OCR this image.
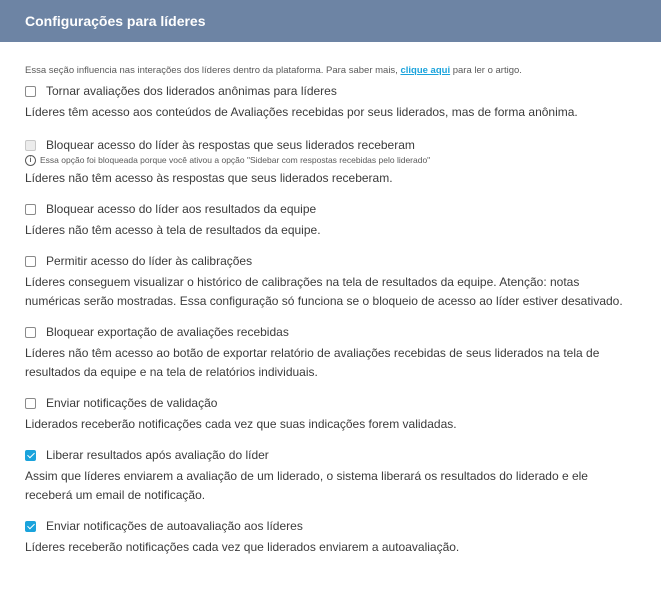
Configurações para líderes
Essa seção influencia nas interações dos líderes dentro da plataforma. Para saber mais, clique aqui para ler o artigo.
Tornar avaliações dos liderados anônimas para líderes
Líderes têm acesso aos conteúdos de Avaliações recebidas por seus liderados, mas de forma anônima.
Bloquear acesso do líder às respostas que seus liderados receberam
i	Essa opção foi bloqueada porque você ativou a opção "Sidebar com respostas recebidas pelo liderado"
Líderes não têm acesso às respostas que seus liderados receberam.
Bloquear acesso do líder aos resultados da equipe
Líderes não têm acesso à tela de resultados da equipe.
Permitir acesso do líder às calibrações
Líderes conseguem visualizar o histórico de calibrações na tela de resultados da equipe. Atenção: notas numéricas serão mostradas. Essa configuração só funciona se o bloqueio de acesso ao líder estiver desativado.
Bloquear exportação de avaliações recebidas
Líderes não têm acesso ao botão de exportar relatório de avaliações recebidas de seus liderados na tela de resultados da equipe e na tela de relatórios individuais.
Enviar notificações de validação
Liderados receberão notificações cada vez que suas indicações forem validadas.
Liberar resultados após avaliação do líder
Assim que líderes enviarem a avaliação de um liderado, o sistema liberará os resultados do liderado e ele receberá um email de notificação.
Enviar notificações de autoavaliação aos líderes
Líderes receberão notificações cada vez que liderados enviarem a autoavaliação.
